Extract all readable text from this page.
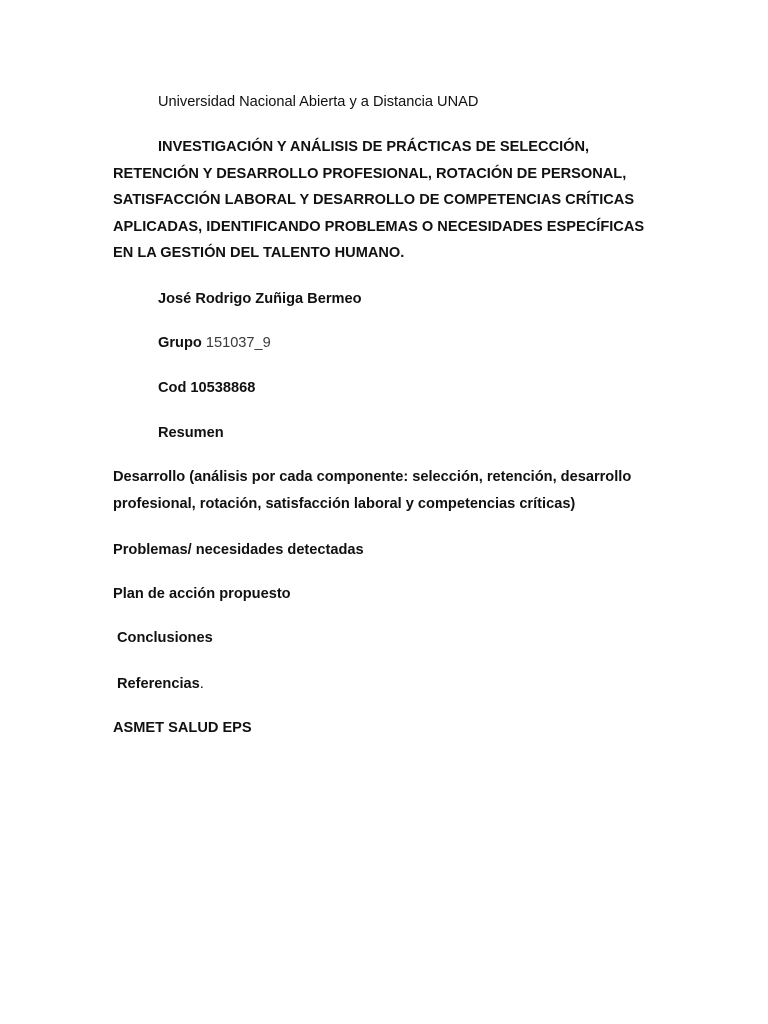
Universidad Nacional Abierta y a Distancia UNAD

INVESTIGACIÓN Y ANÁLISIS DE PRÁCTICAS DE SELECCIÓN, RETENCIÓN Y DESARROLLO PROFESIONAL, ROTACIÓN DE PERSONAL, SATISFACCIÓN LABORAL Y DESARROLLO DE COMPETENCIAS CRÍTICAS APLICADAS, IDENTIFICANDO PROBLEMAS O NECESIDADES ESPECÍFICAS EN LA GESTIÓN DEL TALENTO HUMANO.

José Rodrigo Zuñiga Bermeo

Grupo 151037_9

Cod 10538868

Resumen

Desarrollo (análisis por cada componente: selección, retención, desarrollo profesional, rotación, satisfacción laboral y competencias críticas)

Problemas/ necesidades detectadas

Plan de acción propuesto

Conclusiones

Referencias.

ASMET SALUD EPS
